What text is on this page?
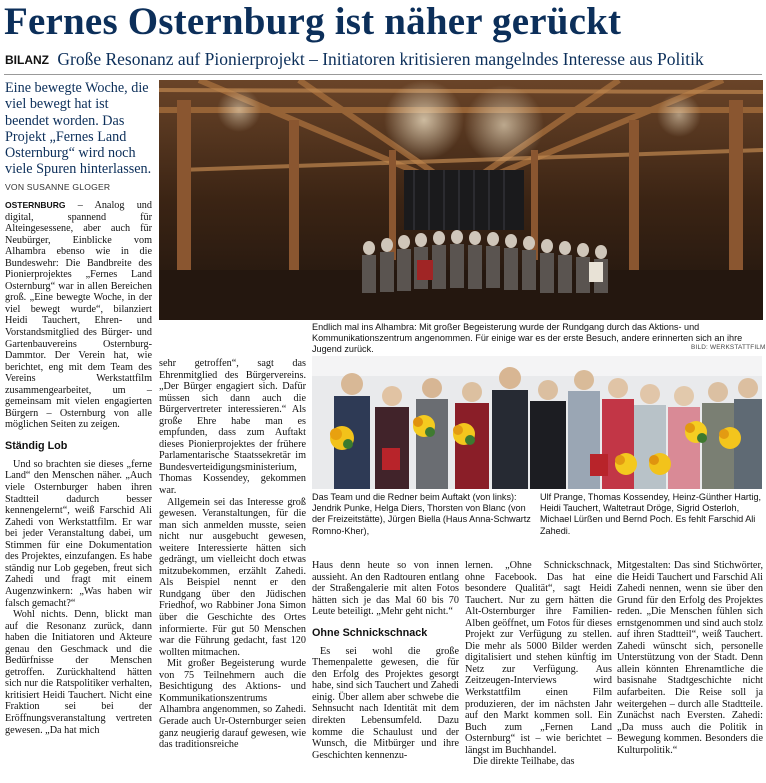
Fernes Osternburg ist näher gerückt
BILANZ Große Resonanz auf Pionierprojekt – Initiatoren kritisieren mangelndes Interesse aus Politik
Eine bewegte Woche, die viel bewegt hat ist beendet worden. Das Projekt „Fernes Land Osternburg“ wird noch viele Spuren hinterlassen.
VON SUSANNE GLOGER

OSTERNBURG – Analog und digital, spannend für Alteingesessene, aber auch für Neubürger, Einblicke vom Alhambra ebenso wie in die Bundeswehr: Die Bandbreite des Pionierprojektes „Fernes Land Osternburg“ war in allen Bereichen groß. „Eine bewegte Woche, in der viel bewegt wurde“, bilanziert Heidi Tauchert, Ehren- und Vorstandsmitglied des Bürger- und Gartenbauvereins Osternburg-Dammtor. Der Verein hat, wie berichtet, eng mit dem Team des Vereins Werkstattfilm zusammengearbeitet, um – gemeinsam mit vielen engagierten Bürgern – Osternburg von alle möglichen Seiten zu zeigen.

Ständig Lob

Und so brachten sie dieses „ferne Land“ den Menschen näher. „Auch viele Osternburger haben ihren Stadtteil dadurch besser kennengelernt“, weiß Farschid Ali Zahedi von Werkstattfilm. Er war bei jeder Veranstaltung dabei, um Stimmen für eine Dokumentation des Projektes, einzufangen. Es habe ständig nur Lob gegeben, freut sich Zahedi und fragt mit einem Augenzwinkern: „Was haben wir falsch gemacht?“

Wohl nichts. Denn, blickt man auf die Resonanz zurück, dann haben die Initiatoren und Akteure genau den Geschmack und die Bedürfnisse der Menschen getroffen. Zurückhaltend hätten sich nur die Ratspolitiker verhalten, kritisiert Heidi Tauchert. Nicht eine Fraktion sei bei der Eröffnungsveranstaltung vertreten gewesen. „Da hat mich

Endlich mal ins Alhambra: Mit großer Begeisterung wurde der Rundgang durch das Aktions- und Kommunikationszentrum angenommen. Für einige war es der erste Besuch, andere erinnerten sich an ihre Jugend zurück.	BILD: WERKSTATTFILM
Das Team und die Redner beim Auftakt (von links): Jendrik Punke, Helga Diers, Thorsten von Blanc (von der Freizeitstätte), Jürgen Biella (Haus Anna-Schwartz Romno-Kher),
Ulf Prange, Thomas Kossendey, Heinz-Günther Hartig, Heidi Tauchert, Waltetraut Dröge, Sigrid Osterloh, Michael Lürßen und Bernd Poch. Es fehlt Farschid Ali Zahedi.

sehr getroffen“, sagt das Ehrenmitglied des Bürgervereins. „Der Bürger engagiert sich. Dafür müssen sich dann auch die Bürgervertreter interessieren.“ Als große Ehre habe man es empfunden, dass zum Auftakt dieses Pionierprojektes der frühere Parlamentarische Staatssekretär im Bundesverteidigungsministerium, Thomas Kossendey, gekommen war.

Allgemein sei das Interesse groß gewesen. Veranstaltungen, für die man sich anmelden musste, seien nicht nur ausgebucht gewesen, weitere Interessierte hätten sich gedrängt, um vielleicht doch etwas mitzubekommen, erzählt Zahedi. Als Beispiel nennt er den Rundgang über den Jüdischen Friedhof, wo Rabbiner Jona Simon über die Geschichte des Ortes informierte. Für gut 50 Menschen war die Führung gedacht, fast 120 wollten mitmachen.

Mit großer Begeisterung wurde von 75 Teilnehmern auch die Besichtigung des Aktions- und Kommunikationszentrums Alhambra angenommen, so Zahedi. Gerade auch Ur-Osternburger seien ganz neugierig darauf gewesen, wie das traditionsreiche

Haus denn heute so von innen aussieht. An den Radtouren entlang der Straßengalerie mit alten Fotos hätten sich je das Mal 60 bis 70 Leute beteiligt. „Mehr geht nicht.“

Ohne Schnickschnack

Es sei wohl die große Themenpalette gewesen, die für den Erfolg des Projektes gesorgt habe, sind sich Tauchert und Zahedi einig. Über allem aber schwebe die Sehnsucht nach Identität mit dem direkten Lebensumfeld. Dazu komme die Schaulust und der Wunsch, die Mitbürger und ihre Geschichten kennenzu-

lernen. „Ohne Schnickschnack, ohne Facebook. Das hat eine besondere Qualität“, sagt Heidi Tauchert. Nur zu gern hätten die Alt-Osternburger ihre Familien-Alben geöffnet, um Fotos für dieses Projekt zur Verfügung zu stellen. Die mehr als 5000 Bilder werden digitalisiert und stehen künftig im Netz zur Verfügung. Aus Zeitzeugen-Interviews wird Werkstattfilm einen Film produzieren, der im nächsten Jahr auf den Markt kommen soll. Ein Buch zum „Fernen Land Osternburg“ ist – wie berichtet – längst im Buchhandel.

Die direkte Teilhabe, das

Mitgestalten: Das sind Stichwörter, die Heidi Tauchert und Farschid Ali Zahedi nennen, wenn sie über den Grund für den Erfolg des Projektes reden. „Die Menschen fühlen sich ernstgenommen und sind auch stolz auf ihren Stadtteil“, weiß Tauchert. Zahedi wünscht sich, personelle Unterstützung von der Stadt. Denn allein könnten Ehrenamtliche die basisnahe Stadtgeschichte nicht aufarbeiten. Die Reise soll ja weitergehen – durch alle Stadtteile. Zunächst nach Eversten. Zahedi: „Da muss auch die Politik in Bewegung kommen. Besonders die Kulturpolitik.“
